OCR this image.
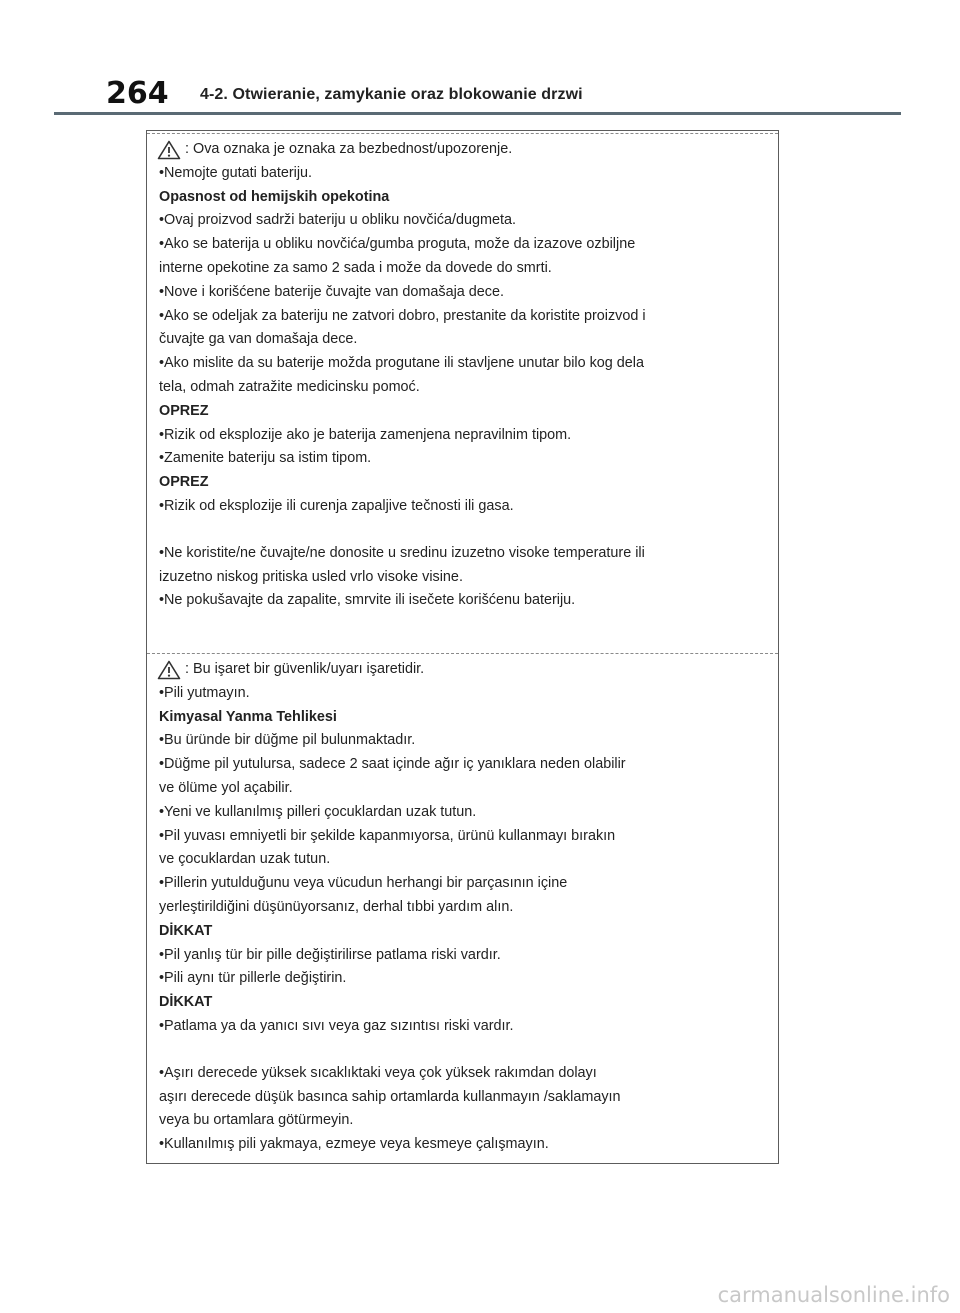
264 4-2. Otwieranie, zamykanie oraz blokowanie drzwi
: Ova oznaka je oznaka za bezbednost/upozorenje.
•Nemojte gutati bateriju.
Opasnost od hemijskih opekotina
•Ovaj proizvod sadrži bateriju u obliku novčića/dugmeta.
•Ako se baterija u obliku novčića/gumba proguta, može da izazove ozbiljne
interne opekotine za samo 2 sada i može da dovede do smrti.
•Nove i korišćene baterije čuvajte van domašaja dece.
•Ako se odeljak za bateriju ne zatvori dobro, prestanite da koristite proizvod i
čuvajte ga van domašaja dece.
•Ako mislite da su baterije možda progutane ili stavljene unutar bilo kog dela
tela, odmah zatražite medicinsku pomoć.
OPREZ
•Rizik od eksplozije ako je baterija zamenjena nepravilnim tipom.
•Zamenite bateriju sa istim tipom.
OPREZ
•Rizik od eksplozije ili curenja zapaljive tečnosti ili gasa.
•Ne koristite/ne čuvajte/ne donosite u sredinu izuzetno visoke temperature ili
izuzetno niskog pritiska usled vrlo visoke visine.
•Ne pokušavajte da zapalite, smrvite ili isečete korišćenu bateriju.
: Bu işaret bir güvenlik/uyarı işaretidir.
•Pili yutmayın.
Kimyasal Yanma Tehlikesi
•Bu üründe bir düğme pil bulunmaktadır.
•Düğme pil yutulursa, sadece 2 saat içinde ağır iç yanıklara neden olabilir
ve ölüme yol açabilir.
•Yeni ve kullanılmış pilleri çocuklardan uzak tutun.
•Pil yuvası emniyetli bir şekilde kapanmıyorsa, ürünü kullanmayı bırakın
ve çocuklardan uzak tutun.
•Pillerin yutulduğunu veya vücudun herhangi bir parçasının içine
yerleştirildiğini düşünüyorsanız, derhal tıbbi yardım alın.
DİKKAT
•Pil yanlış tür bir pille değiştirilirse patlama riski vardır.
•Pili aynı tür pillerle değiştirin.
DİKKAT
•Patlama ya da yanıcı sıvı veya gaz sızıntısı riski vardır.
•Aşırı derecede yüksek sıcaklıktaki veya çok yüksek rakımdan dolayı
aşırı derecede düşük basınca sahip ortamlarda kullanmayın /saklamayın
veya bu ortamlara götürmeyin.
•Kullanılmış pili yakmaya, ezmeye veya kesmeye çalışmayın.
carmanualsonline.info
